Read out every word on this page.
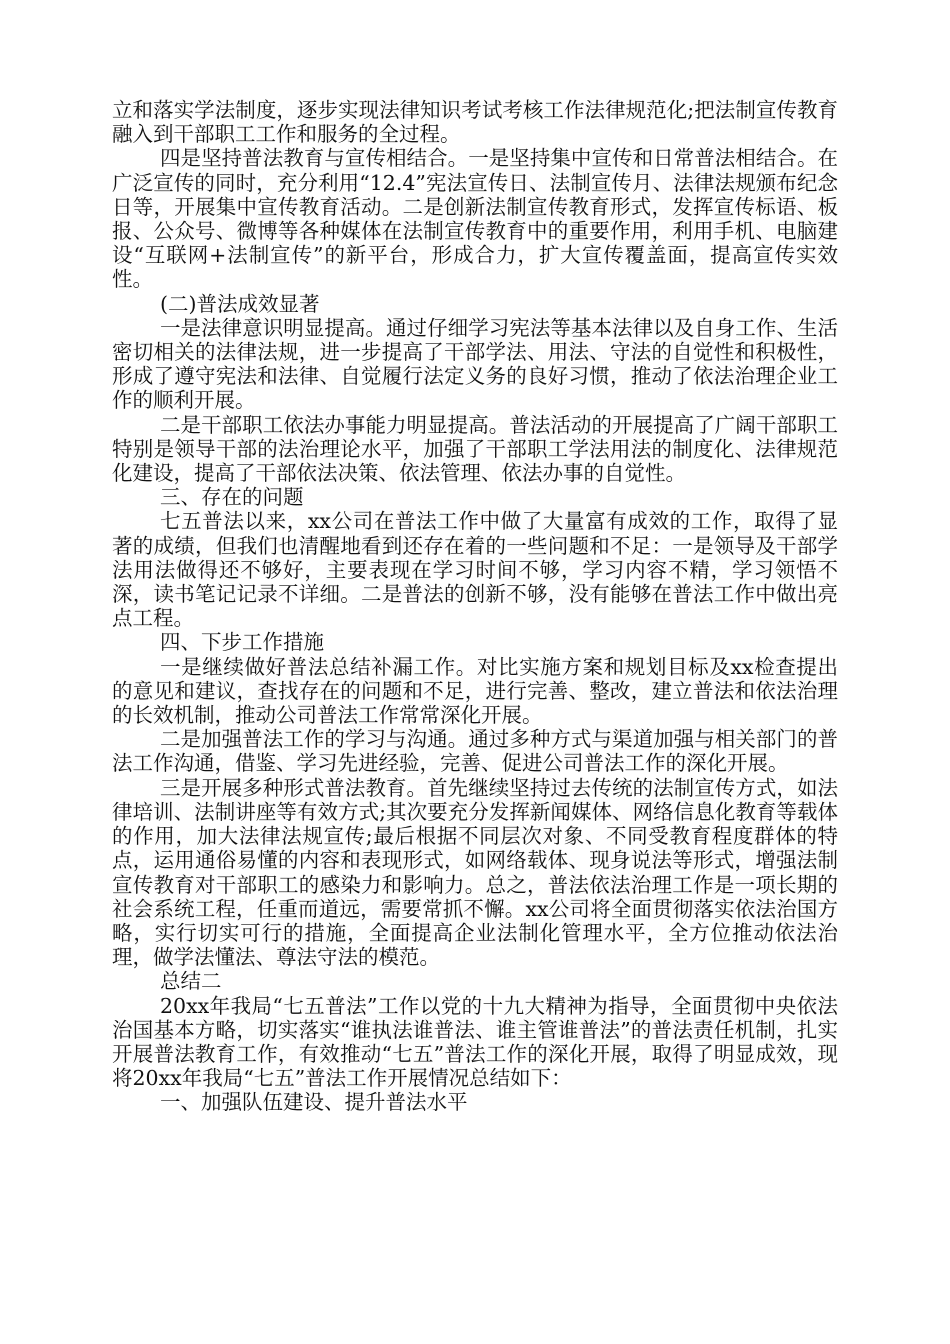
立和落实学法制度，逐步实现法律知识考试考核工作法律规范化;把法制宣传教育融入到干部职工工作和服务的全过程。

四是坚持普法教育与宣传相结合。一是坚持集中宣传和日常普法相结合。在广泛宣传的同时，充分利用“12.4”宪法宣传日、法制宣传月、法律法规颁布纪念日等，开展集中宣传教育活动。二是创新法制宣传教育形式，发挥宣传标语、板报、公众号、微博等各种媒体在法制宣传教育中的重要作用，利用手机、电脑建设“互联网+法制宣传”的新平台，形成合力，扩大宣传覆盖面，提高宣传实效性。

(二)普法成效显著

一是法律意识明显提高。通过仔细学习宪法等基本法律以及自身工作、生活密切相关的法律法规，进一步提高了干部学法、用法、守法的自觉性和积极性，形成了遵守宪法和法律、自觉履行法定义务的良好习惯，推动了依法治理企业工作的顺利开展。

二是干部职工依法办事能力明显提高。普法活动的开展提高了广阔干部职工特别是领导干部的法治理论水平，加强了干部职工学法用法的制度化、法律规范化建设，提高了干部依法决策、依法管理、依法办事的自觉性。

三、存在的问题

七五普法以来，xx公司在普法工作中做了大量富有成效的工作，取得了显著的成绩，但我们也清醒地看到还存在着的一些问题和不足：一是领导及干部学法用法做得还不够好，主要表现在学习时间不够，学习内容不精，学习领悟不深，读书笔记记录不详细。二是普法的创新不够，没有能够在普法工作中做出亮点工程。

四、下步工作措施

一是继续做好普法总结补漏工作。对比实施方案和规划目标及xx检查提出的意见和建议，查找存在的问题和不足，进行完善、整改，建立普法和依法治理的长效机制，推动公司普法工作常常深化开展。

二是加强普法工作的学习与沟通。通过多种方式与渠道加强与相关部门的普法工作沟通，借鉴、学习先进经验，完善、促进公司普法工作的深化开展。

三是开展多种形式普法教育。首先继续坚持过去传统的法制宣传方式，如法律培训、法制讲座等有效方式;其次要充分发挥新闻媒体、网络信息化教育等载体的作用，加大法律法规宣传;最后根据不同层次对象、不同受教育程度群体的特点，运用通俗易懂的内容和表现形式，如网络载体、现身说法等形式，增强法制宣传教育对干部职工的感染力和影响力。总之，普法依法治理工作是一项长期的社会系统工程，任重而道远，需要常抓不懈。xx公司将全面贯彻落实依法治国方略，实行切实可行的措施，全面提高企业法制化管理水平，全方位推动依法治理，做学法懂法、尊法守法的模范。

总结二

20xx年我局“七五普法”工作以党的十九大精神为指导，全面贯彻中央依法治国基本方略，切实落实“谁执法谁普法、谁主管谁普法”的普法责任机制，扎实开展普法教育工作，有效推动“七五”普法工作的深化开展，取得了明显成效，现将20xx年我局“七五”普法工作开展情况总结如下：

一、加强队伍建设、提升普法水平
